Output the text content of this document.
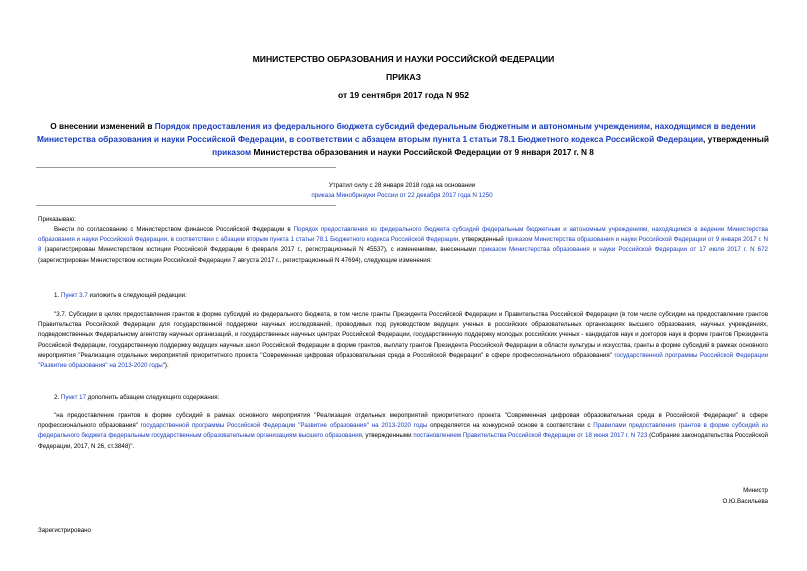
МИНИСТЕРСТВО ОБРАЗОВАНИЯ И НАУКИ РОССИЙСКОЙ ФЕДЕРАЦИИ
ПРИКАЗ
от 19 сентября 2017 года N 952
О внесении изменений в Порядок предоставления из федерального бюджета субсидий федеральным бюджетным и автономным учреждениям, находящимся в ведении Министерства образования и науки Российской Федерации, в соответствии с абзацем вторым пункта 1 статьи 78.1 Бюджетного кодекса Российской Федерации, утвержденный приказом Министерства образования и науки Российской Федерации от 9 января 2017 г. N 8
Утратил силу с 28 января 2018 года на основании
приказа Минобрнауки России от 22 декабря 2017 года N 1250
Приказываю:
Внести по согласованию с Министерством финансов Российской Федерации в Порядок предоставления из федерального бюджета субсидий федеральным бюджетным и автономным учреждениям, находящимся в ведении Министерства образования и науки Российской Федерации, в соответствии с абзацем вторым пункта 1 статьи 78.1 Бюджетного кодекса Российской Федерации, утвержденный приказом Министерства образования и науки Российской Федерации от 9 января 2017 г. N 8 (зарегистрирован Министерством юстиции Российской Федерации 6 февраля 2017 г., регистрационный N 45537), с изменениями, внесенными приказом Министерства образования и науки Российской Федерации от 17 июля 2017 г. N 672 (зарегистрирован Министерством юстиции Российской Федерации 7 августа 2017 г., регистрационный N 47694), следующие изменения:
1. Пункт 3.7 изложить в следующей редакции:
"3.7. Субсидии в целях предоставления грантов в форме субсидий из федерального бюджета, в том числе гранты Президента Российской Федерации и Правительства Российской Федерации (в том числе субсидии на предоставление грантов Правительства Российской Федерации для государственной поддержки научных исследований, проводимых под руководством ведущих ученых в российских образовательных организациях высшего образования, научных учреждениях, подведомственных Федеральному агентству научных организаций, и государственных научных центрах Российской Федерации, государственную поддержку молодых российских ученых - кандидатов наук и докторов наук в форме грантов Президента Российской Федерации, государственную поддержку ведущих научных школ Российской Федерации в форме грантов, выплату грантов Президента Российской Федерации в области культуры и искусства, гранты в форме субсидий в рамках основного мероприятия "Реализация отдельных мероприятий приоритетного проекта "Современная цифровая образовательная среда в Российской Федерации" в сфере профессионального образования" государственной программы Российской Федерации "Развитие образования" на 2013-2020 годы").
2. Пункт 17 дополнить абзацем следующего содержания:
"на предоставление грантов в форме субсидий в рамках основного мероприятия "Реализация отдельных мероприятий приоритетного проекта "Современная цифровая образовательная среда в Российской Федерации" в сфере профессионального образования" государственной программы Российской Федерации "Развитие образования" на 2013-2020 годы определяется на конкурсной основе в соответствии с Правилами предоставления грантов в форме субсидий из федерального бюджета федеральным государственным образовательным организациям высшего образования, утвержденными постановлением Правительства Российской Федерации от 18 июня 2017 г. N 723 (Собрание законодательства Российской Федерации, 2017, N 26, ст.3848)".
Министр
О.Ю.Васильева
Зарегистрировано
